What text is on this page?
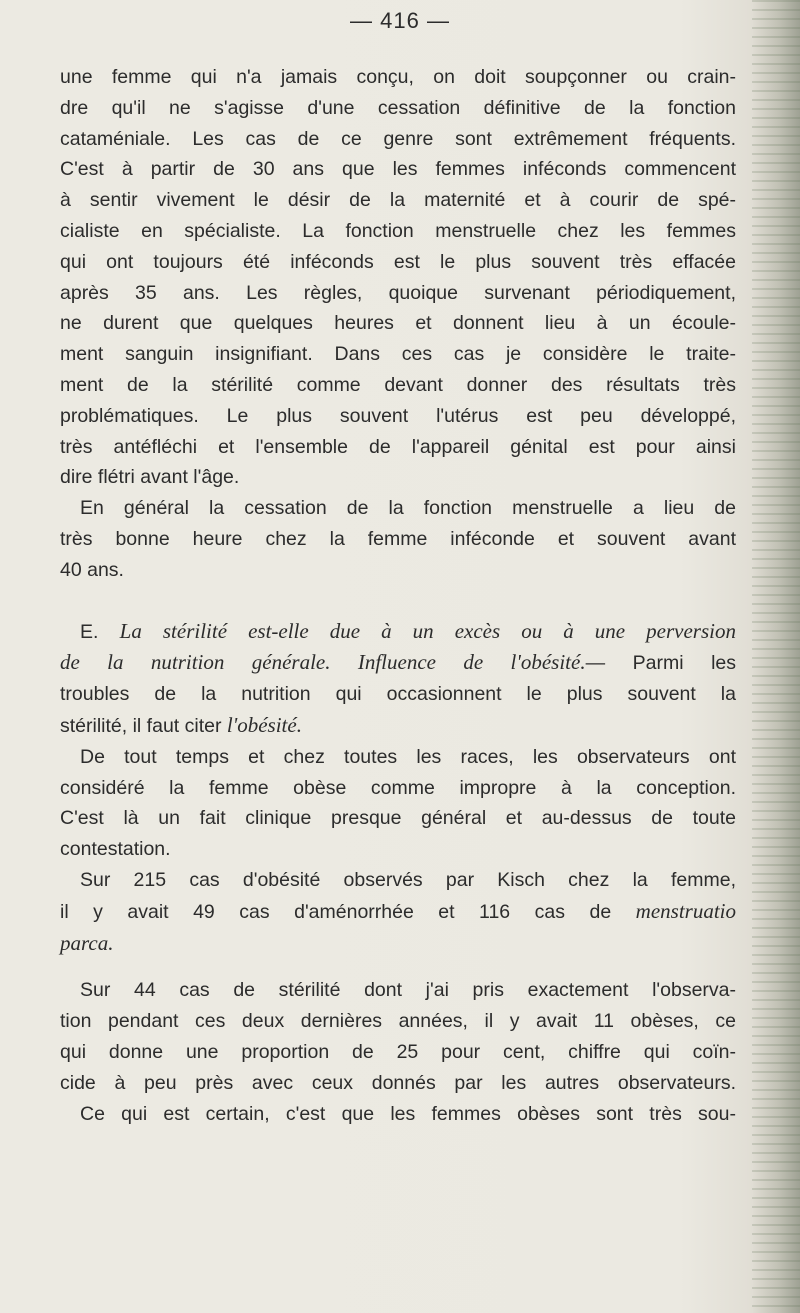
— 416 —
une femme qui n'a jamais conçu, on doit soupçonner ou crain-
dre qu'il ne s'agisse d'une cessation définitive de la fonction
cataméniale. Les cas de ce genre sont extrêmement fréquents.
C'est à partir de 30 ans que les femmes inféconds commencent
à sentir vivement le désir de la maternité et à courir de spé-
cialiste en spécialiste. La fonction menstruelle chez les femmes
qui ont toujours été inféconds est le plus souvent très effacée
après 35 ans. Les règles, quoique survenant périodiquement,
ne durent que quelques heures et donnent lieu à un écoule-
ment sanguin insignifiant. Dans ces cas je considère le traite-
ment de la stérilité comme devant donner des résultats très
problématiques. Le plus souvent l'utérus est peu développé,
très antéfléchi et l'ensemble de l'appareil génital est pour ainsi
dire flétri avant l'âge.
En général la cessation de la fonction menstruelle a lieu de
très bonne heure chez la femme inféconde et souvent avant
40 ans.
E. La stérilité est-elle due à un excès ou à une perversion
de la nutrition générale. Influence de l'obésité.— Parmi les
troubles de la nutrition qui occasionnent le plus souvent la
stérilité, il faut citer l'obésité.
De tout temps et chez toutes les races, les observateurs ont
considéré la femme obèse comme impropre à la conception.
C'est là un fait clinique presque général et au-dessus de toute
contestation.
Sur 215 cas d'obésité observés par Kisch chez la femme,
il y avait 49 cas d'aménorrhée et 116 cas de menstruatio
parca.
Sur 44 cas de stérilité dont j'ai pris exactement l'observa-
tion pendant ces deux dernières années, il y avait 11 obèses, ce
qui donne une proportion de 25 pour cent, chiffre qui coïn-
cide à peu près avec ceux donnés par les autres observateurs.
Ce qui est certain, c'est que les femmes obèses sont très sou-
